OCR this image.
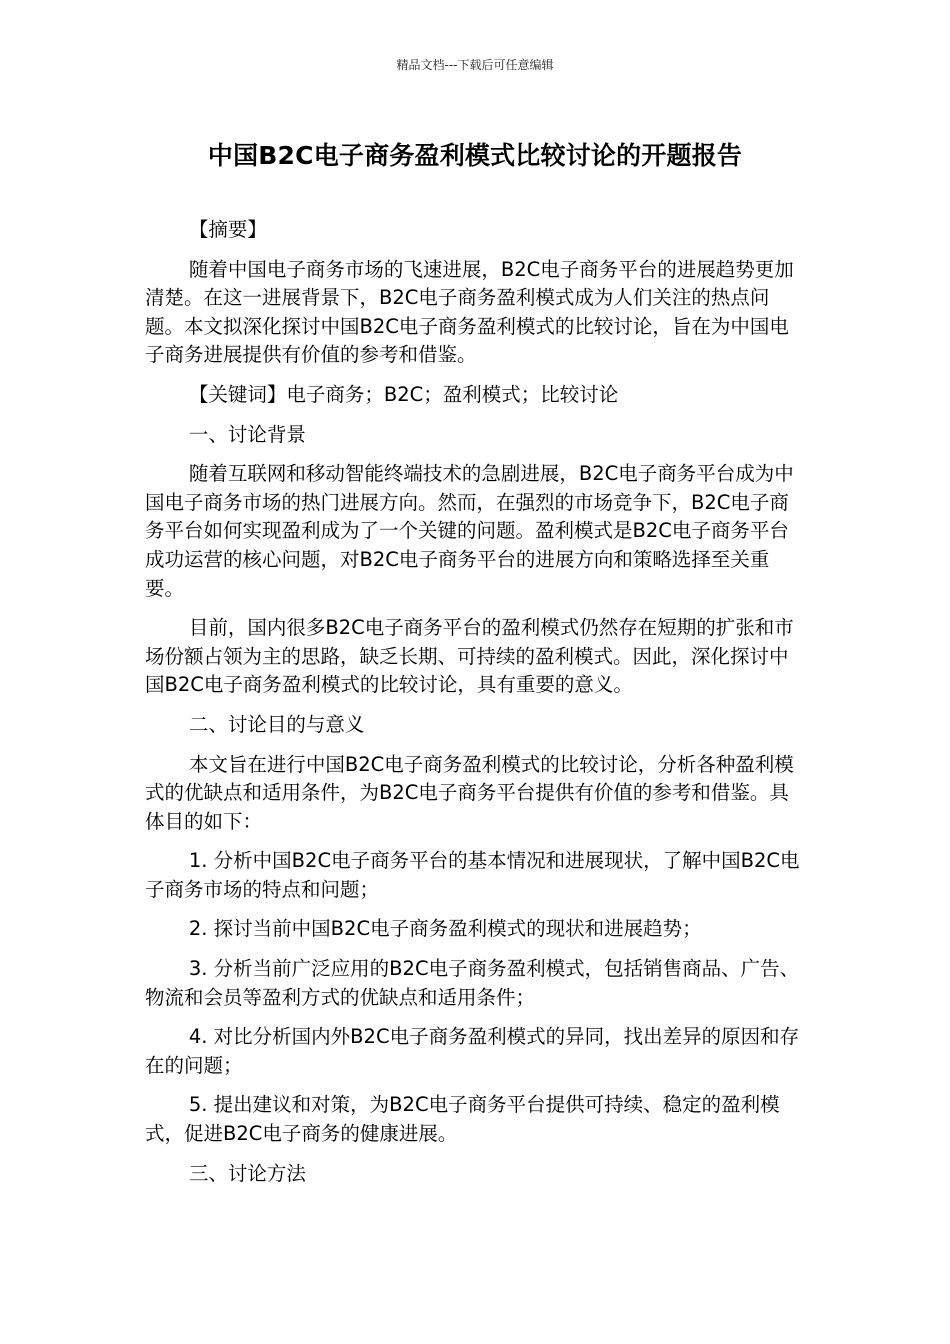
精品文档---下载后可任意编辑
中国B2C电子商务盈利模式比较讨论的开题报告

【摘要】

随着中国电子商务市场的飞速进展，B2C电子商务平台的进展趋势更加清楚。在这一进展背景下，B2C电子商务盈利模式成为人们关注的热点问题。本文拟深化探讨中国B2C电子商务盈利模式的比较讨论，旨在为中国电子商务进展提供有价值的参考和借鉴。

【关键词】电子商务；B2C；盈利模式；比较讨论

一、讨论背景

随着互联网和移动智能终端技术的急剧进展，B2C电子商务平台成为中国电子商务市场的热门进展方向。然而，在强烈的市场竞争下，B2C电子商务平台如何实现盈利成为了一个关键的问题。盈利模式是B2C电子商务平台成功运营的核心问题，对B2C电子商务平台的进展方向和策略选择至关重要。

目前，国内很多B2C电子商务平台的盈利模式仍然存在短期的扩张和市场份额占领为主的思路，缺乏长期、可持续的盈利模式。因此，深化探讨中国B2C电子商务盈利模式的比较讨论，具有重要的意义。

二、讨论目的与意义

本文旨在进行中国B2C电子商务盈利模式的比较讨论，分析各种盈利模式的优缺点和适用条件，为B2C电子商务平台提供有价值的参考和借鉴。具体目的如下：

1. 分析中国B2C电子商务平台的基本情况和进展现状，了解中国B2C电子商务市场的特点和问题；

2. 探讨当前中国B2C电子商务盈利模式的现状和进展趋势；

3. 分析当前广泛应用的B2C电子商务盈利模式，包括销售商品、广告、物流和会员等盈利方式的优缺点和适用条件；

4. 对比分析国内外B2C电子商务盈利模式的异同，找出差异的原因和存在的问题；

5. 提出建议和对策，为B2C电子商务平台提供可持续、稳定的盈利模式，促进B2C电子商务的健康进展。

三、讨论方法
